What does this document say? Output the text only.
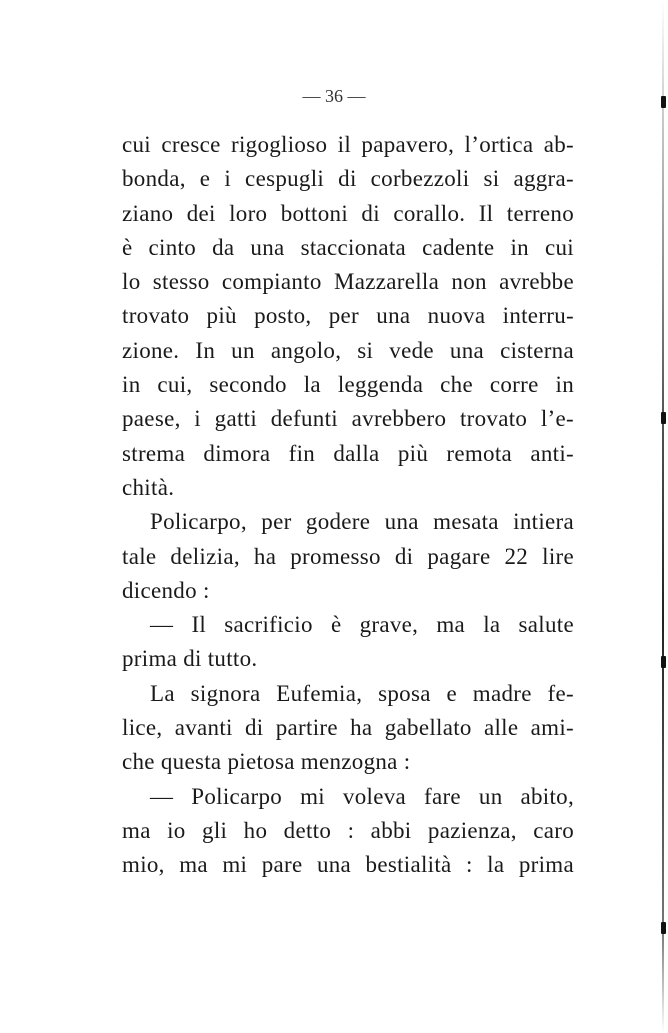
— 36 —
cui cresce rigoglioso il papavero, l’ortica ab-
bonda, e i cespugli di corbezzoli si aggra-
ziano dei loro bottoni di corallo. Il terreno
è cinto da una staccionata cadente in cui
lo stesso compianto Mazzarella non avrebbe
trovato più posto, per una nuova interru-
zione. In un angolo, si vede una cisterna
in cui, secondo la leggenda che corre in
paese, i gatti defunti avrebbero trovato l’e-
strema dimora fin dalla più remota anti-
chità.
Policarpo, per godere una mesata intiera
tale delizia, ha promesso di pagare 22 lire
dicendo :
— Il sacrificio è grave, ma la salute
prima di tutto.
La signora Eufemia, sposa e madre fe-
lice, avanti di partire ha gabellato alle ami-
che questa pietosa menzogna :
— Policarpo mi voleva fare un abito,
ma io gli ho detto : abbi pazienza, caro
mio, ma mi pare una bestialità : la prima
